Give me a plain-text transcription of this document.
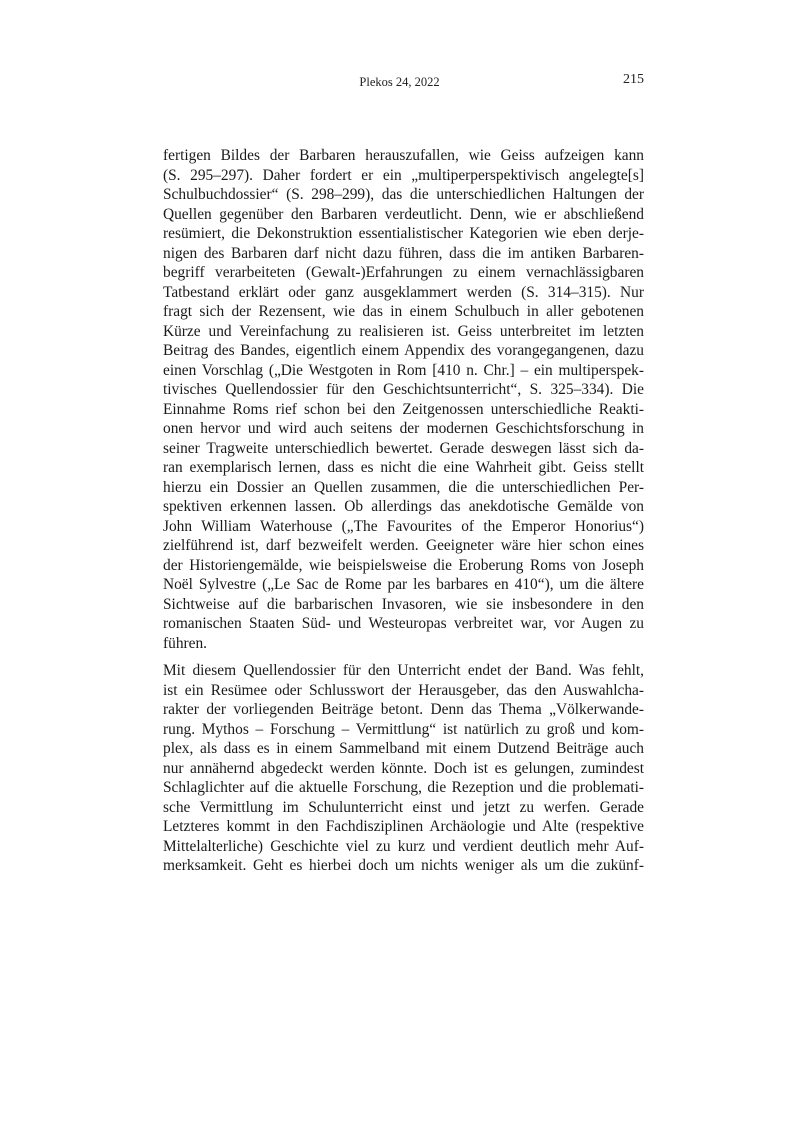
Plekos 24, 2022	215
fertigen Bildes der Barbaren herauszufallen, wie Geiss aufzeigen kann
(S. 295–297). Daher fordert er ein „multiperperspektivisch angelegte[s]
Schulbuchdossier“ (S. 298–299), das die unterschiedlichen Haltungen der
Quellen gegenüber den Barbaren verdeutlicht. Denn, wie er abschließend
resümiert, die Dekonstruktion essentialistischer Kategorien wie eben derje-
nigen des Barbaren darf nicht dazu führen, dass die im antiken Barbaren-
begriff verarbeiteten (Gewalt-)Erfahrungen zu einem vernachlässigbaren
Tatbestand erklärt oder ganz ausgeklammert werden (S. 314–315). Nur
fragt sich der Rezensent, wie das in einem Schulbuch in aller gebotenen
Kürze und Vereinfachung zu realisieren ist. Geiss unterbreitet im letzten
Beitrag des Bandes, eigentlich einem Appendix des vorangegangenen, dazu
einen Vorschlag („Die Westgoten in Rom [410 n. Chr.] – ein multiperspek-
tivisches Quellendossier für den Geschichtsunterricht“, S. 325–334). Die
Einnahme Roms rief schon bei den Zeitgenossen unterschiedliche Reakti-
onen hervor und wird auch seitens der modernen Geschichtsforschung in
seiner Tragweite unterschiedlich bewertet. Gerade deswegen lässt sich da-
ran exemplarisch lernen, dass es nicht die eine Wahrheit gibt. Geiss stellt
hierzu ein Dossier an Quellen zusammen, die die unterschiedlichen Per-
spektiven erkennen lassen. Ob allerdings das anekdotische Gemälde von
John William Waterhouse („The Favourites of the Emperor Honorius“)
zielführend ist, darf bezweifelt werden. Geeigneter wäre hier schon eines
der Historiengemälde, wie beispielsweise die Eroberung Roms von Joseph
Noël Sylvestre („Le Sac de Rome par les barbares en 410“), um die ältere
Sichtweise auf die barbarischen Invasoren, wie sie insbesondere in den
romanischen Staaten Süd- und Westeuropas verbreitet war, vor Augen zu
führen.
Mit diesem Quellendossier für den Unterricht endet der Band. Was fehlt,
ist ein Resümee oder Schlusswort der Herausgeber, das den Auswahlcha-
rakter der vorliegenden Beiträge betont. Denn das Thema „Völkerwande-
rung. Mythos – Forschung – Vermittlung“ ist natürlich zu groß und kom-
plex, als dass es in einem Sammelband mit einem Dutzend Beiträge auch
nur annähernd abgedeckt werden könnte. Doch ist es gelungen, zumindest
Schlaglichter auf die aktuelle Forschung, die Rezeption und die problemati-
sche Vermittlung im Schulunterricht einst und jetzt zu werfen. Gerade
Letzteres kommt in den Fachdisziplinen Archäologie und Alte (respektive
Mittelalterliche) Geschichte viel zu kurz und verdient deutlich mehr Auf-
merksamkeit. Geht es hierbei doch um nichts weniger als um die zukünf-
